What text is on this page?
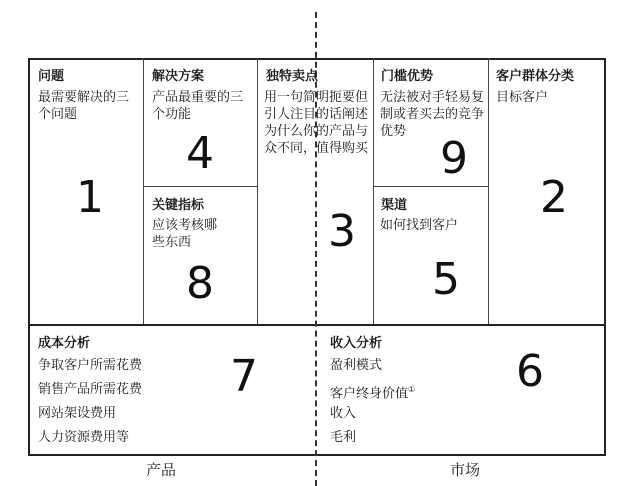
问题
最需要解决的三个问题
1
解决方案
产品最重要的三个功能
4
关键指标
应该考核哪些东西
8
独特卖点
用一句简明扼要但引人注目的话阐述为什么你的产品与众不同，值得购买
3
门槛优势
无法被对手轻易复制或者买去的竞争优势
9
渠道
如何找到客户
5
客户群体分类
目标客户
2
成本分析
争取客户所需花费
销售产品所需花费
网站架设费用
人力资源费用等
7
收入分析
盈利模式
客户终身价值①
收入
毛利
6
产品	市场
